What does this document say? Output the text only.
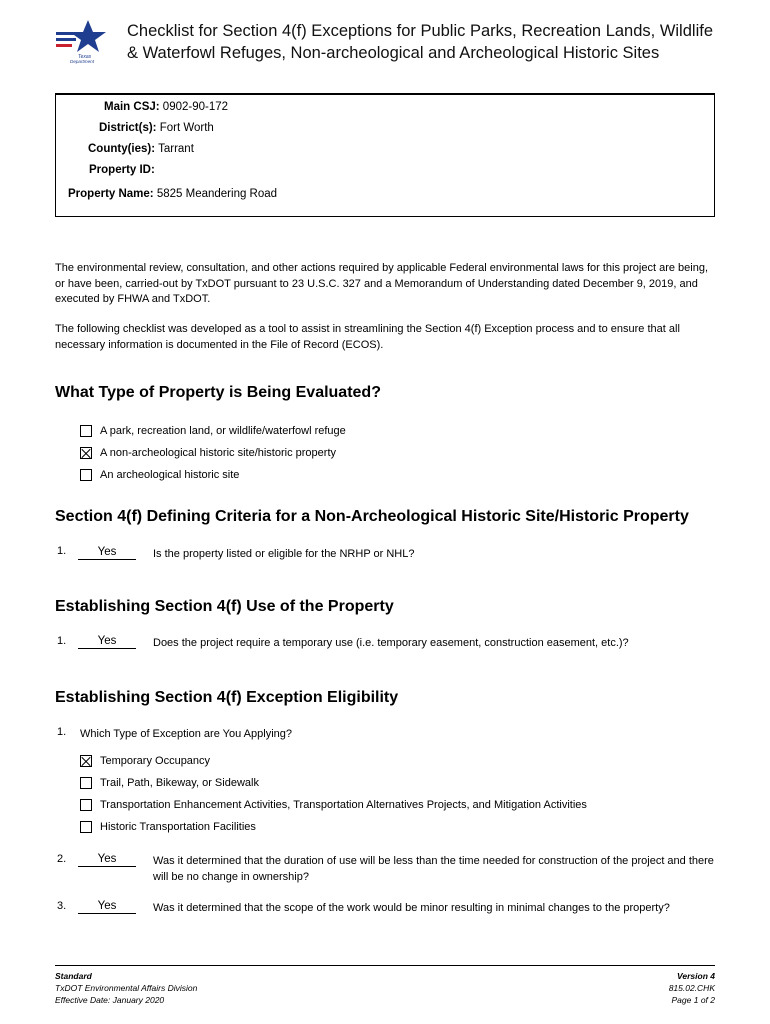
Texas
Department
Checklist for Section 4(f) Exceptions for Public Parks, Recreation Lands, Wildlife & Waterfowl Refuges, Non-archeological and Archeological Historic Sites
Main CSJ: 0902-90-172
District(s): Fort Worth
County(ies): Tarrant
Property ID:
Property Name: 5825 Meandering Road
The environmental review, consultation, and other actions required by applicable Federal environmental laws for this project are being, or have been, carried-out by TxDOT pursuant to 23 U.S.C. 327 and a Memorandum of Understanding dated December 9, 2019, and executed by FHWA and TxDOT.
The following checklist was developed as a tool to assist in streamlining the Section 4(f) Exception process and to ensure that all necessary information is documented in the File of Record (ECOS).
What Type of Property is Being Evaluated?
A park, recreation land, or wildlife/waterfowl refuge
A non-archeological historic site/historic property
An archeological historic site
Section 4(f) Defining Criteria for a Non-Archeological Historic Site/Historic Property
1.	Yes	Is the property listed or eligible for the NRHP or NHL?
Establishing Section 4(f) Use of the Property
1.	Yes	Does the project require a temporary use (i.e. temporary easement, construction easement, etc.)?
Establishing Section 4(f) Exception Eligibility
1. Which Type of Exception are You Applying?
Temporary Occupancy
Trail, Path, Bikeway, or Sidewalk
Transportation Enhancement Activities, Transportation Alternatives Projects, and Mitigation Activities
Historic Transportation Facilities
2.	Yes	Was it determined that the duration of use will be less than the time needed for construction of the project and there will be no change in ownership?
3.	Yes	Was it determined that the scope of the work would be minor resulting in minimal changes to the property?
Standard
TxDOT Environmental Affairs Division
Effective Date: January 2020
Version 4
815.02.CHK
Page 1 of 2
